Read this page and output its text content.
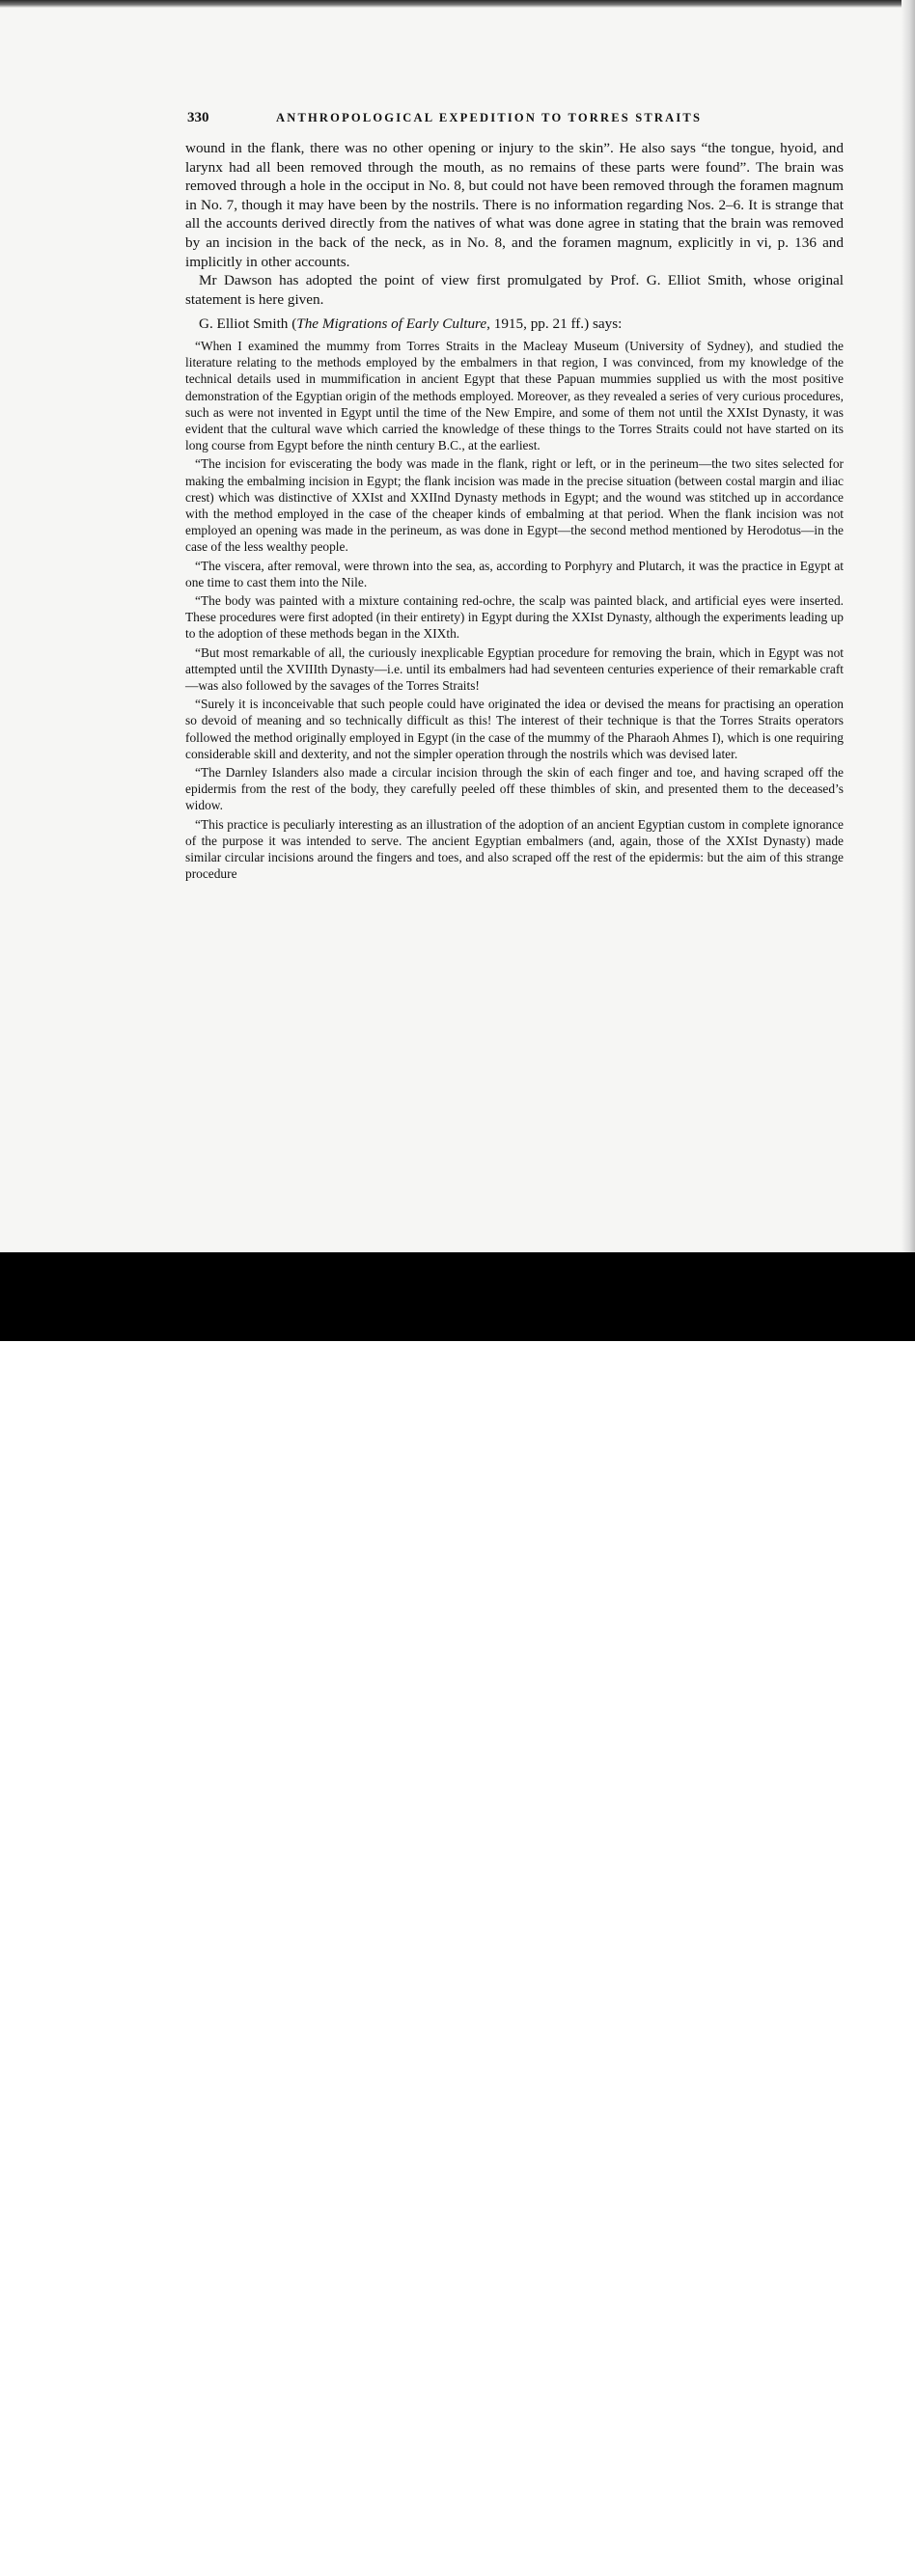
330	ANTHROPOLOGICAL EXPEDITION TO TORRES STRAITS

wound in the flank, there was no other opening or injury to the skin”. He also says “the tongue, hyoid, and larynx had all been removed through the mouth, as no remains of these parts were found”. The brain was removed through a hole in the occiput in No. 8, but could not have been removed through the foramen magnum in No. 7, though it may have been by the nostrils. There is no information regarding Nos. 2–6. It is strange that all the accounts derived directly from the natives of what was done agree in stating that the brain was removed by an incision in the back of the neck, as in No. 8, and the foramen magnum, explicitly in vi, p. 136 and implicitly in other accounts.

Mr Dawson has adopted the point of view first promulgated by Prof. G. Elliot Smith, whose original statement is here given.

G. Elliot Smith (The Migrations of Early Culture, 1915, pp. 21 ff.) says:

“When I examined the mummy from Torres Straits in the Macleay Museum (University of Sydney), and studied the literature relating to the methods employed by the embalmers in that region, I was convinced, from my knowledge of the technical details used in mummification in ancient Egypt that these Papuan mummies supplied us with the most positive demonstration of the Egyptian origin of the methods employed. Moreover, as they revealed a series of very curious procedures, such as were not invented in Egypt until the time of the New Empire, and some of them not until the XXIst Dynasty, it was evident that the cultural wave which carried the knowledge of these things to the Torres Straits could not have started on its long course from Egypt before the ninth century B.C., at the earliest.

“The incision for eviscerating the body was made in the flank, right or left, or in the perineum—the two sites selected for making the embalming incision in Egypt; the flank incision was made in the precise situation (between costal margin and iliac crest) which was distinctive of XXIst and XXIInd Dynasty methods in Egypt; and the wound was stitched up in accordance with the method employed in the case of the cheaper kinds of embalming at that period. When the flank incision was not employed an opening was made in the perineum, as was done in Egypt—the second method mentioned by Herodotus—in the case of the less wealthy people.

“The viscera, after removal, were thrown into the sea, as, according to Porphyry and Plutarch, it was the practice in Egypt at one time to cast them into the Nile.

“The body was painted with a mixture containing red-ochre, the scalp was painted black, and artificial eyes were inserted. These procedures were first adopted (in their entirety) in Egypt during the XXIst Dynasty, although the experiments leading up to the adoption of these methods began in the XIXth.

“But most remarkable of all, the curiously inexplicable Egyptian procedure for removing the brain, which in Egypt was not attempted until the XVIIIth Dynasty—i.e. until its embalmers had had seventeen centuries experience of their remarkable craft—was also followed by the savages of the Torres Straits!

“Surely it is inconceivable that such people could have originated the idea or devised the means for practising an operation so devoid of meaning and so technically difficult as this! The interest of their technique is that the Torres Straits operators followed the method originally employed in Egypt (in the case of the mummy of the Pharaoh Ahmes I), which is one requiring considerable skill and dexterity, and not the simpler operation through the nostrils which was devised later.

“The Darnley Islanders also made a circular incision through the skin of each finger and toe, and having scraped off the epidermis from the rest of the body, they carefully peeled off these thimbles of skin, and presented them to the deceased’s widow.

“This practice is peculiarly interesting as an illustration of the adoption of an ancient Egyptian custom in complete ignorance of the purpose it was intended to serve. The ancient Egyptian embalmers (and, again, those of the XXIst Dynasty) made similar circular incisions around the fingers and toes, and also scraped off the rest of the epidermis: but the aim of this strange procedure

alamy	2BDM6AJ
www.alamy.com
